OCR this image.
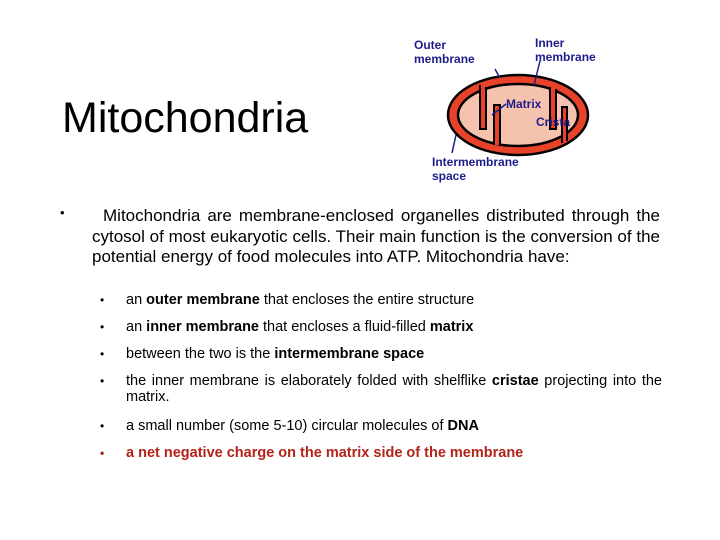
Mitochondria
Outer
membrane
Inner
membrane
Matrix
Crista
Intermembrane
space
•	Mitochondria are membrane-enclosed organelles distributed through the cytosol of most eukaryotic cells. Their main function is the conversion of the potential energy of food molecules into ATP. Mitochondria have:
• an outer membrane that encloses the entire structure
• an inner membrane that encloses a fluid-filled matrix
• between the two is the intermembrane space
• the inner membrane is elaborately folded with shelflike cristae projecting into the matrix.
• a small number (some 5-10) circular molecules of DNA
• a net negative charge on the matrix side of the membrane
